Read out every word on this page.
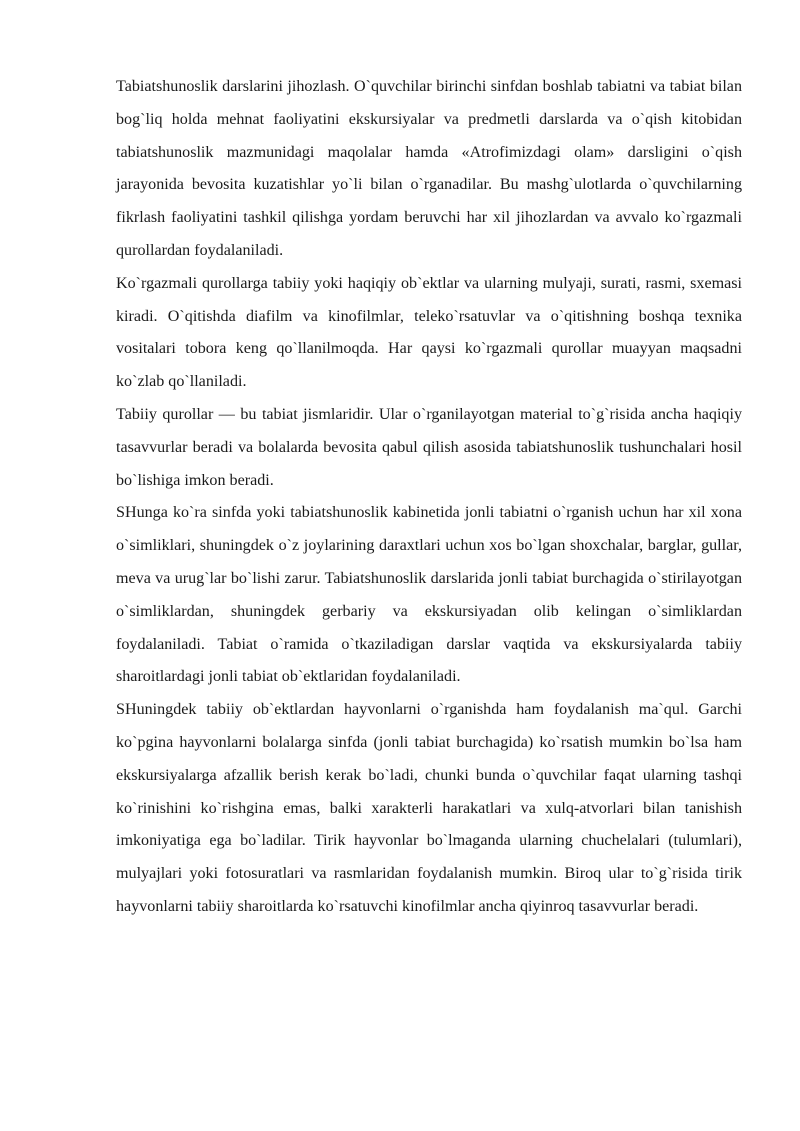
Tabiatshunoslik darslarini jihozlash. O`quvchilar birinchi sinfdan boshlab tabiatni va tabiat bilan bog`liq holda mehnat faoliyatini ekskursiyalar va predmetli darslarda va o`qish kitobidan tabiatshunoslik mazmunidagi maqolalar hamda «Atrofimizdagi olam» darsligini o`qish jarayonida bevosita kuzatishlar yo`li bilan o`rganadilar. Bu mashg`ulotlarda o`quvchilarning fikrlash faoliyatini tashkil qilishga yordam beruvchi har xil jihozlardan va avvalo ko`rgazmali qurollardan foydalaniladi.

Ko`rgazmali qurollarga tabiiy yoki haqiqiy ob`ektlar va ularning mulyaji, surati, rasmi, sxemasi kiradi. O`qitishda diafilm va kinofilmlar, teleko`rsatuvlar va o`qitishning boshqa texnika vositalari tobora keng qo`llanilmoqda. Har qaysi ko`rgazmali qurollar muayyan maqsadni ko`zlab qo`llaniladi.

Tabiiy qurollar — bu tabiat jismlaridir. Ular o`rganilayotgan material to`g`risida ancha haqiqiy tasavvurlar beradi va bolalarda bevosita qabul qilish asosida tabiatshunoslik tushunchalari hosil bo`lishiga imkon beradi.

SHunga ko`ra sinfda yoki tabiatshunoslik kabinetida jonli tabiatni o`rganish uchun har xil xona o`simliklari, shuningdek o`z joylarining daraxtlari uchun xos bo`lgan shoxchalar, barglar, gullar, meva va urug`lar bo`lishi zarur. Tabiatshunoslik darslarida jonli tabiat burchagida o`stirilayotgan o`simliklardan, shuningdek gerbariy va ekskursiyadan olib kelingan o`simliklardan foydalaniladi. Tabiat o`ramida o`tkaziladigan darslar vaqtida va ekskursiyalarda tabiiy sharoitlardagi jonli tabiat ob`ektlaridan foydalaniladi.

SHuningdek tabiiy ob`ektlardan hayvonlarni o`rganishda ham foydalanish ma`qul. Garchi ko`pgina hayvonlarni bolalarga sinfda (jonli tabiat burchagida) ko`rsatish mumkin bo`lsa ham ekskursiyalarga afzallik berish kerak bo`ladi, chunki bunda o`quvchilar faqat ularning tashqi ko`rinishini ko`rishgina emas, balki xarakterli harakatlari va xulq-atvorlari bilan tanishish imkoniyatiga ega bo`ladilar. Tirik hayvonlar bo`lmaganda ularning chuchelalari (tulumlari), mulyajlari yoki fotosuratlari va rasmlaridan foydalanish mumkin. Biroq ular to`g`risida tirik hayvonlarni tabiiy sharoitlarda ko`rsatuvchi kinofilmlar ancha qiyinroq tasavvurlar beradi.
